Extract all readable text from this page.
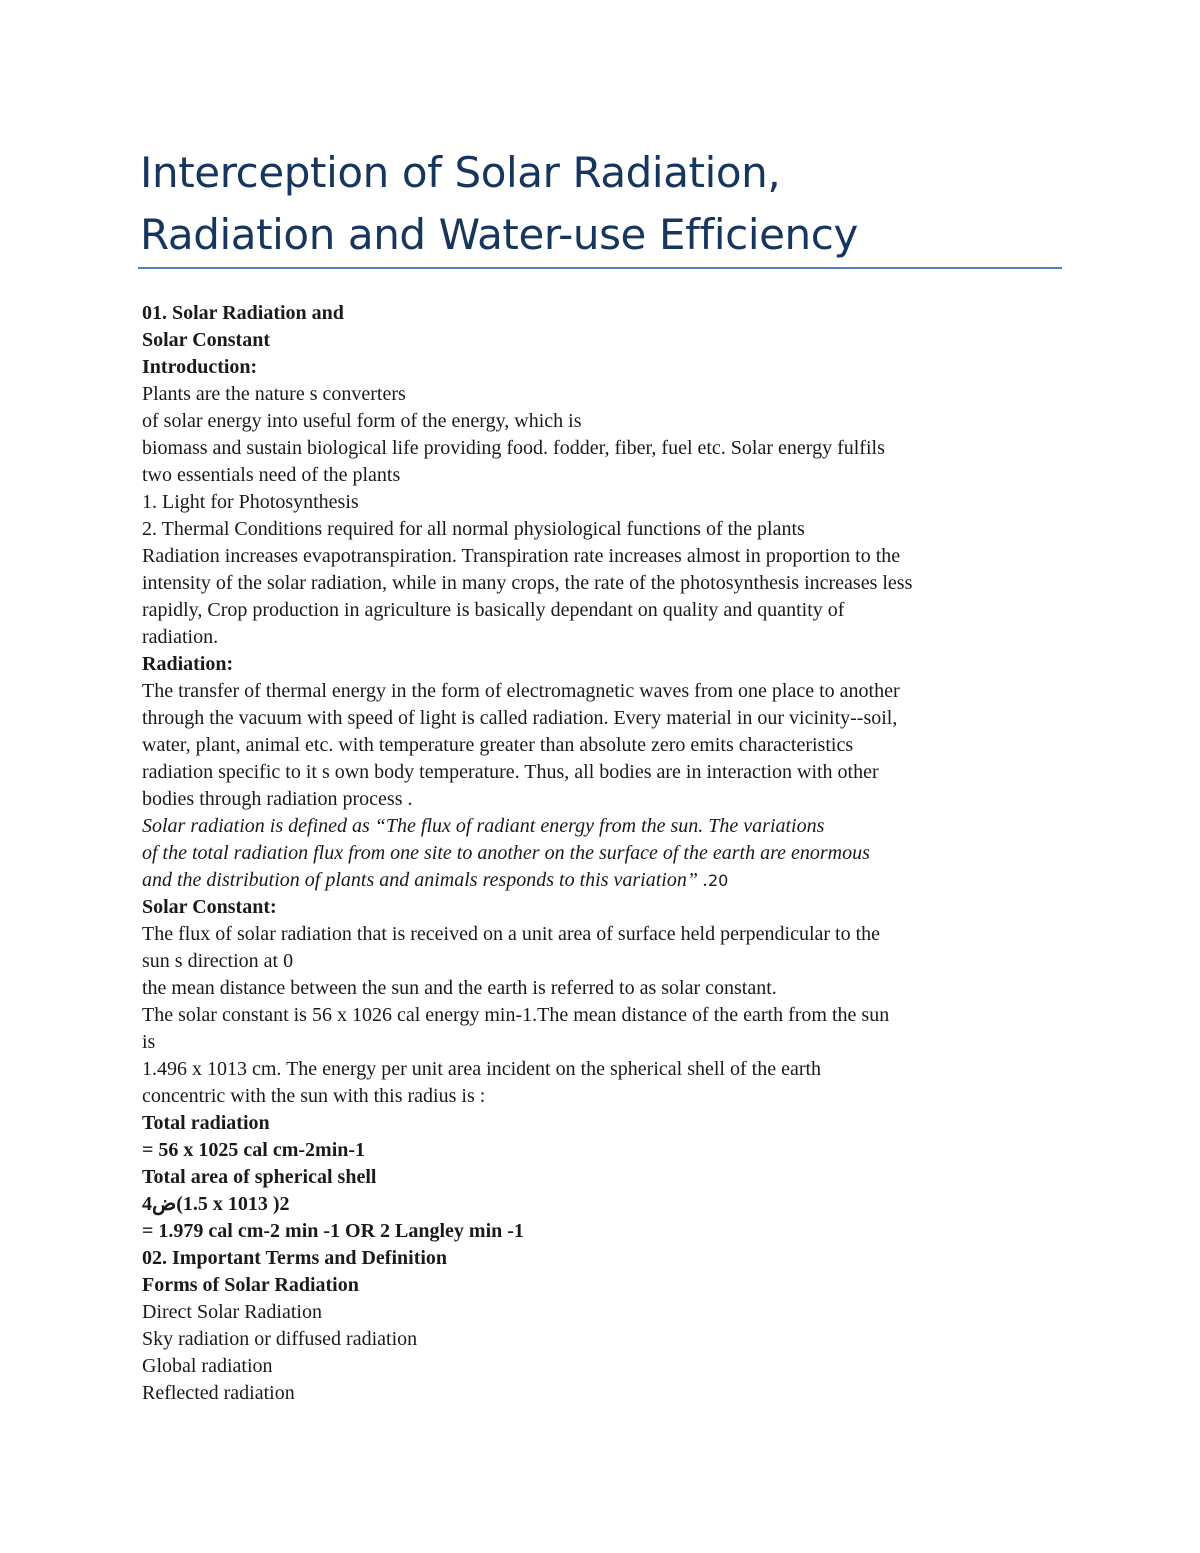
Interception of Solar Radiation,
Radiation and Water-use Efficiency
01. Solar Radiation and
Solar Constant
Introduction:
Plants are the nature s converters
of solar energy into useful form of the energy, which is
biomass and sustain biological life providing food. fodder, fiber, fuel etc. Solar energy fulfils
two essentials need of the plants
1. Light for Photosynthesis
2. Thermal Conditions required for all normal physiological functions of the plants
Radiation increases evapotranspiration. Transpiration rate increases almost in proportion to the
intensity of the solar radiation, while in many crops, the rate of the photosynthesis increases less
rapidly, Crop production in agriculture is basically dependant on quality and quantity of
radiation.
Radiation:
The transfer of thermal energy in the form of electromagnetic waves from one place to another
through the vacuum with speed of light is called radiation. Every material in our vicinity--soil,
water, plant, animal etc. with temperature greater than absolute zero emits characteristics
radiation specific to it s own body temperature. Thus, all bodies are in interaction with other
bodies through radiation process .
Solar radiation is defined as “The flux of radiant energy from the sun. The variations
of the total radiation flux from one site to another on the surface of the earth are enormous
and the distribution of plants and animals responds to this variation” .20
Solar Constant:
The flux of solar radiation that is received on a unit area of surface held perpendicular to the
sun s direction at 0
the mean distance between the sun and the earth is referred to as solar constant.
The solar constant is 56 x 1026 cal energy min-1.The mean distance of the earth from the sun
is
1.496 x 1013 cm. The energy per unit area incident on the spherical shell of the earth
concentric with the sun with this radius is :
Total radiation
= 56 x 1025 cal cm-2min-1
Total area of spherical shell
4ض(1.5 x 1013 )2
= 1.979 cal cm-2 min -1 OR 2 Langley min -1
02. Important Terms and Definition
Forms of Solar Radiation
Direct Solar Radiation
Sky radiation or diffused radiation
Global radiation
Reflected radiation
